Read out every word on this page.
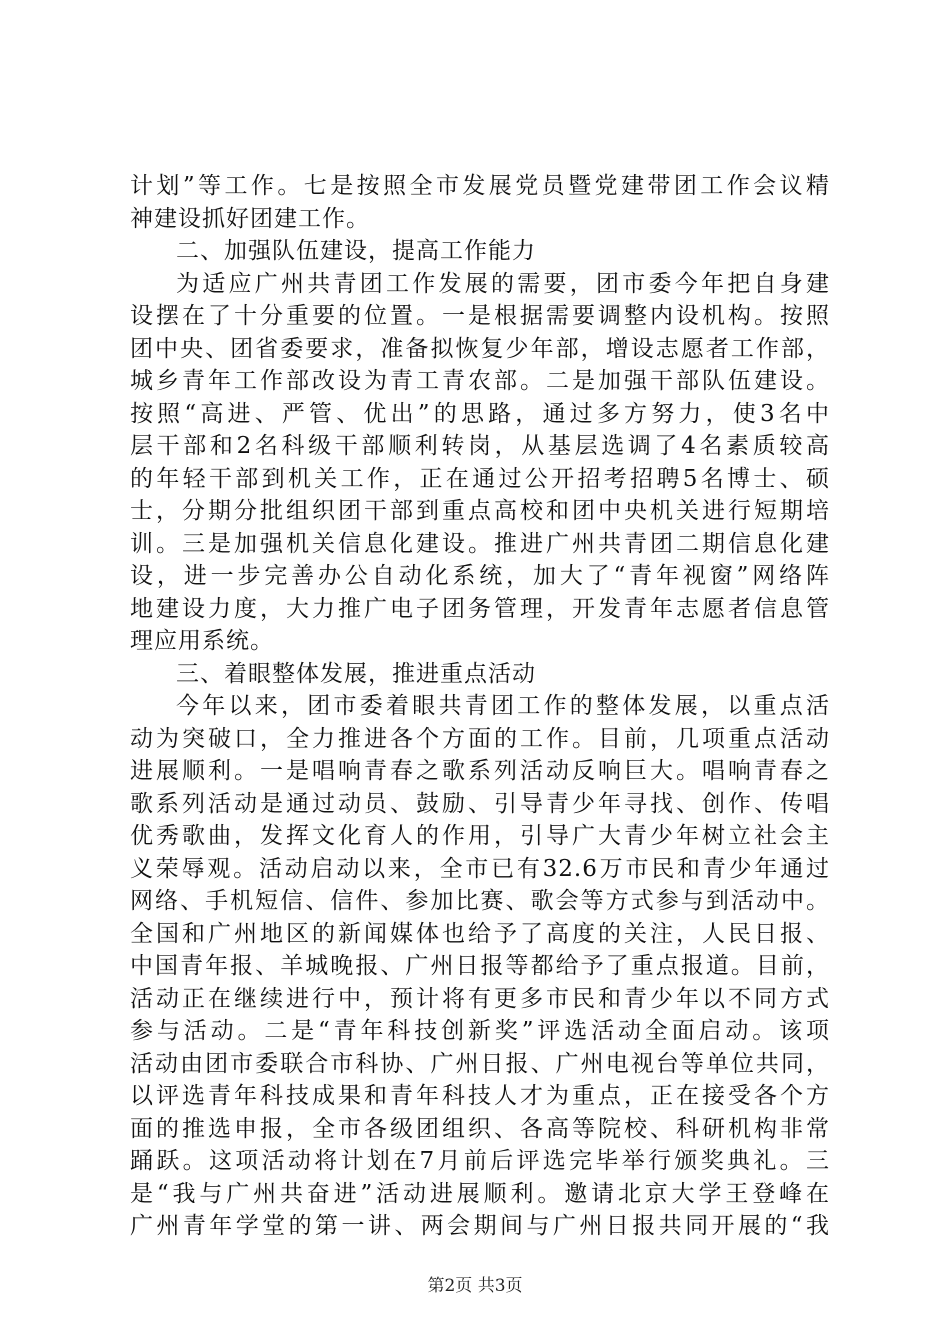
计划”等工作。七是按照全市发展党员暨党建带团工作会议精
神建设抓好团建工作。
二、加强队伍建设，提高工作能力
为适应广州共青团工作发展的需要，团市委今年把自身建
设摆在了十分重要的位置。一是根据需要调整内设机构。按照
团中央、团省委要求，准备拟恢复少年部，增设志愿者工作部，
城乡青年工作部改设为青工青农部。二是加强干部队伍建设。
按照“高进、严管、优出”的思路，通过多方努力，使3名中
层干部和2名科级干部顺利转岗，从基层选调了4名素质较高
的年轻干部到机关工作，正在通过公开招考招聘5名博士、硕
士，分期分批组织团干部到重点高校和团中央机关进行短期培
训。三是加强机关信息化建设。推进广州共青团二期信息化建
设，进一步完善办公自动化系统，加大了“青年视窗”网络阵
地建设力度，大力推广电子团务管理，开发青年志愿者信息管
理应用系统。
三、着眼整体发展，推进重点活动
今年以来，团市委着眼共青团工作的整体发展，以重点活
动为突破口，全力推进各个方面的工作。目前，几项重点活动
进展顺利。一是唱响青春之歌系列活动反响巨大。唱响青春之
歌系列活动是通过动员、鼓励、引导青少年寻找、创作、传唱
优秀歌曲，发挥文化育人的作用，引导广大青少年树立社会主
义荣辱观。活动启动以来，全市已有32.6万市民和青少年通过
网络、手机短信、信件、参加比赛、歌会等方式参与到活动中。
全国和广州地区的新闻媒体也给予了高度的关注，人民日报、
中国青年报、羊城晚报、广州日报等都给予了重点报道。目前，
活动正在继续进行中，预计将有更多市民和青少年以不同方式
参与活动。二是“青年科技创新奖”评选活动全面启动。该项
活动由团市委联合市科协、广州日报、广州电视台等单位共同，
以评选青年科技成果和青年科技人才为重点，正在接受各个方
面的推选申报，全市各级团组织、各高等院校、科研机构非常
踊跃。这项活动将计划在7月前后评选完毕举行颁奖典礼。三
是“我与广州共奋进”活动进展顺利。邀请北京大学王登峰在
广州青年学堂的第一讲、两会期间与广州日报共同开展的“我
第2页 共3页
